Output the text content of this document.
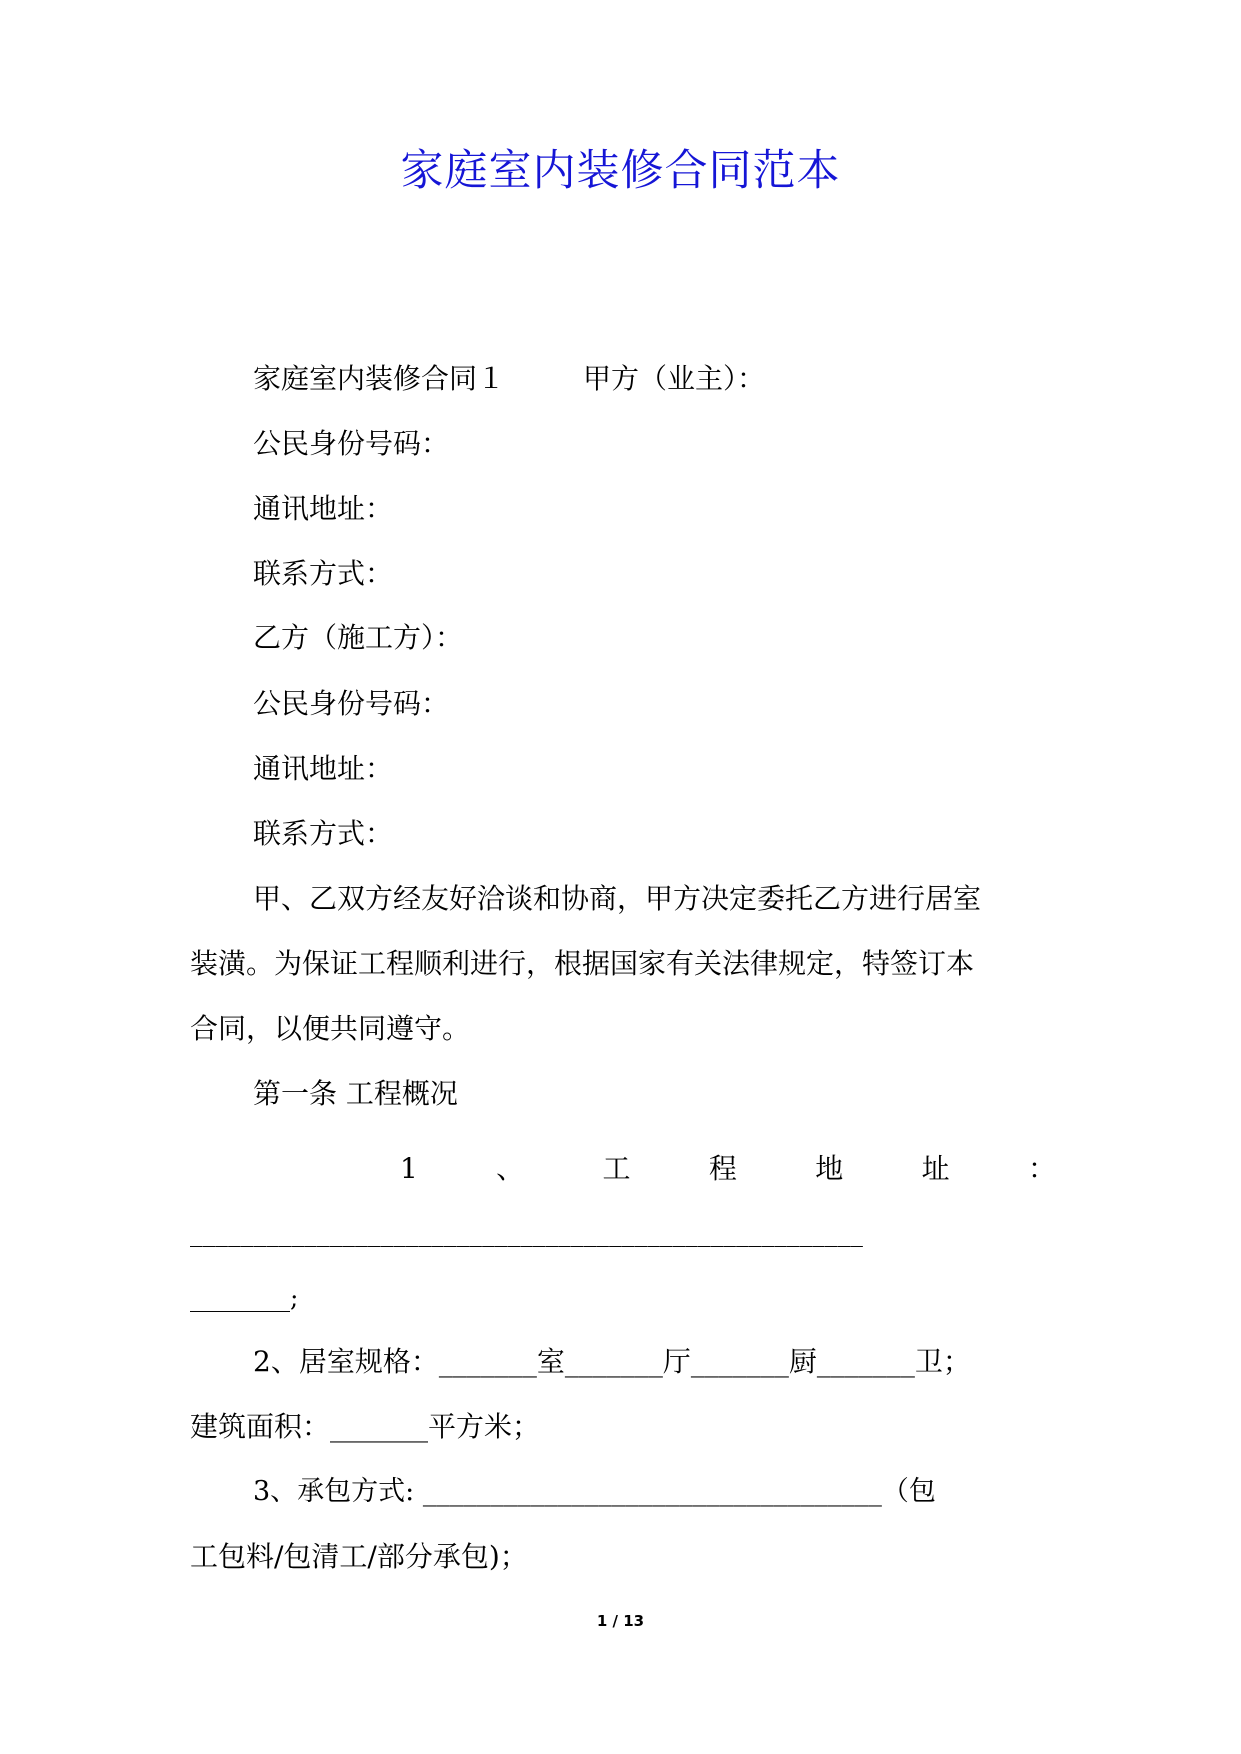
家庭室内装修合同范本
家庭室内装修合同１	甲方（业主）：
公民身份号码：
通讯地址：
联系方式：
乙方（施工方）：
公民身份号码：
通讯地址：
联系方式：
甲、乙双方经友好洽谈和协商，甲方决定委托乙方进行居室
装潢。为保证工程顺利进行，根据国家有关法律规定，特签订本
合同，以便共同遵守。
第一条 工程概况
1	、	工	程	地	址	：
_____________________________________________________
________;
2、居室规格：_______室_______厅_______厨_______卫；
建筑面积：_______平方米；
3、承包方式: __________________________________（包
工包料/包清工/部分承包)；
1 / 13
